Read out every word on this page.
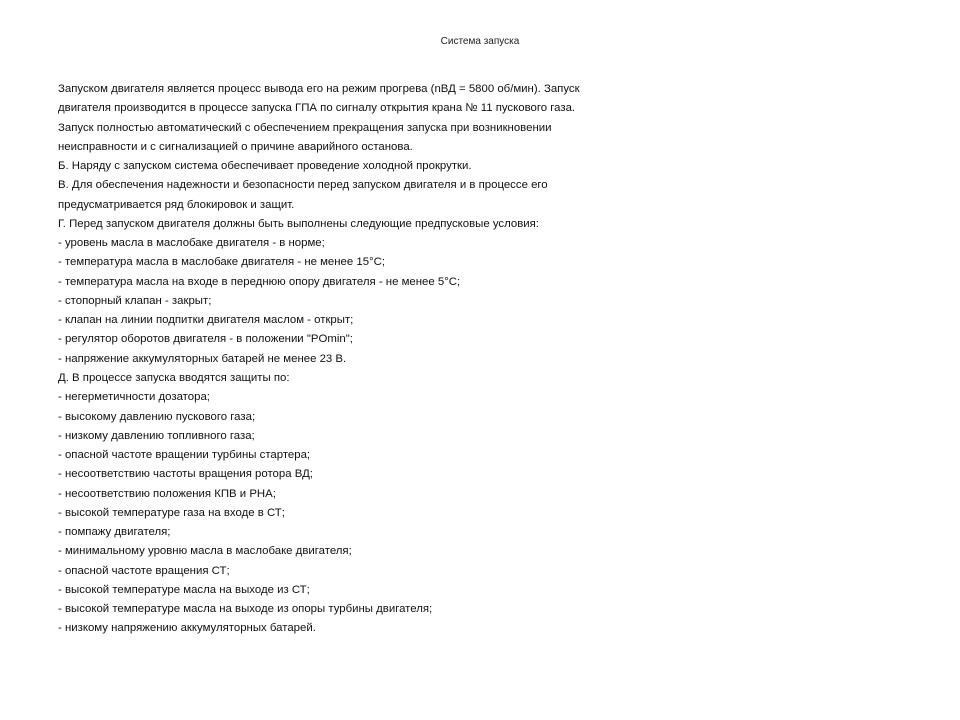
Система запуска
Запуском двигателя является процесс вывода его на режим прогрева (nВД = 5800 об/мин). Запуск
двигателя производится в процессе запуска ГПА по сигналу открытия крана № 11 пускового газа.
Запуск полностью автоматический с обеспечением прекращения запуска при возникновении
неисправности и с сигнализацией о причине аварийного останова.
Б. Наряду с запуском система обеспечивает проведение холодной прокрутки.
В. Для обеспечения надежности и безопасности перед запуском двигателя и в процессе его
предусматривается ряд блокировок и защит.
Г. Перед запуском двигателя должны быть выполнены следующие предпусковые условия:
- уровень масла в маслобаке двигателя - в норме;
- температура масла в маслобаке двигателя - не менее 15°С;
- температура масла на входе в переднюю опору двигателя - не менее 5°С;
- стопорный клапан - закрыт;
- клапан на линии подпитки двигателя маслом - открыт;
- регулятор оборотов двигателя - в положении "POmin";
- напряжение аккумуляторных батарей не менее 23 В.
Д. В процессе запуска вводятся защиты по:
- негерметичности дозатора;
- высокому давлению пускового газа;
- низкому давлению топливного газа;
- опасной частоте вращении турбины стартера;
- несоответствию частоты вращения ротора ВД;
- несоответствию положения КПВ и РНА;
- высокой температуре газа на входе в СТ;
- помпажу двигателя;
- минимальному уровню масла в маслобаке двигателя;
- опасной частоте вращения СТ;
- высокой температуре масла на выходе из СТ;
- высокой температуре масла на выходе из опоры турбины двигателя;
- низкому напряжению аккумуляторных батарей.
